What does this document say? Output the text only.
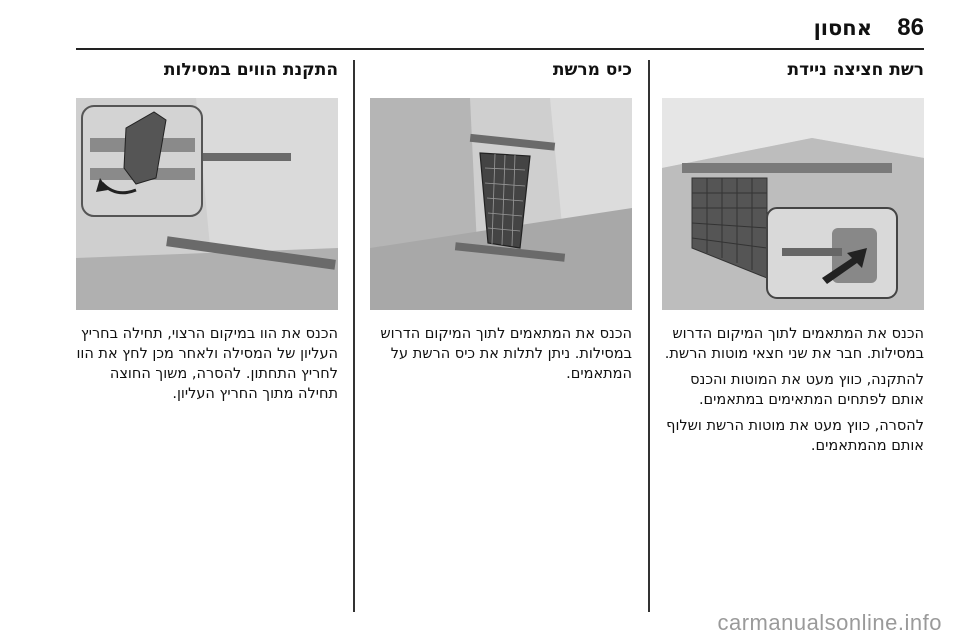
86
אחסון
רשת חציצה ניידת

הכנס את המתאמים לתוך המיקום הדרוש במסילות. חבר את שני חצאי מוטות הרשת.

להתקנה, כווץ מעט את המוטות והכנס אותם לפתחים המתאימים במתאמים.

להסרה, כווץ מעט את מוטות הרשת ושלוף אותם מהמתאמים.

כיס מרשת

הכנס את המתאמים לתוך המיקום הדרוש במסילות. ניתן לתלות את כיס הרשת על המתאמים.

התקנת הווים במסילות

הכנס את הוו במיקום הרצוי, תחילה בחריץ העליון של המסילה ולאחר מכן לחץ את הוו לחריץ התחתון. להסרה, משוך החוצה תחילה מתוך החריץ העליון.

carmanualsonline.info
